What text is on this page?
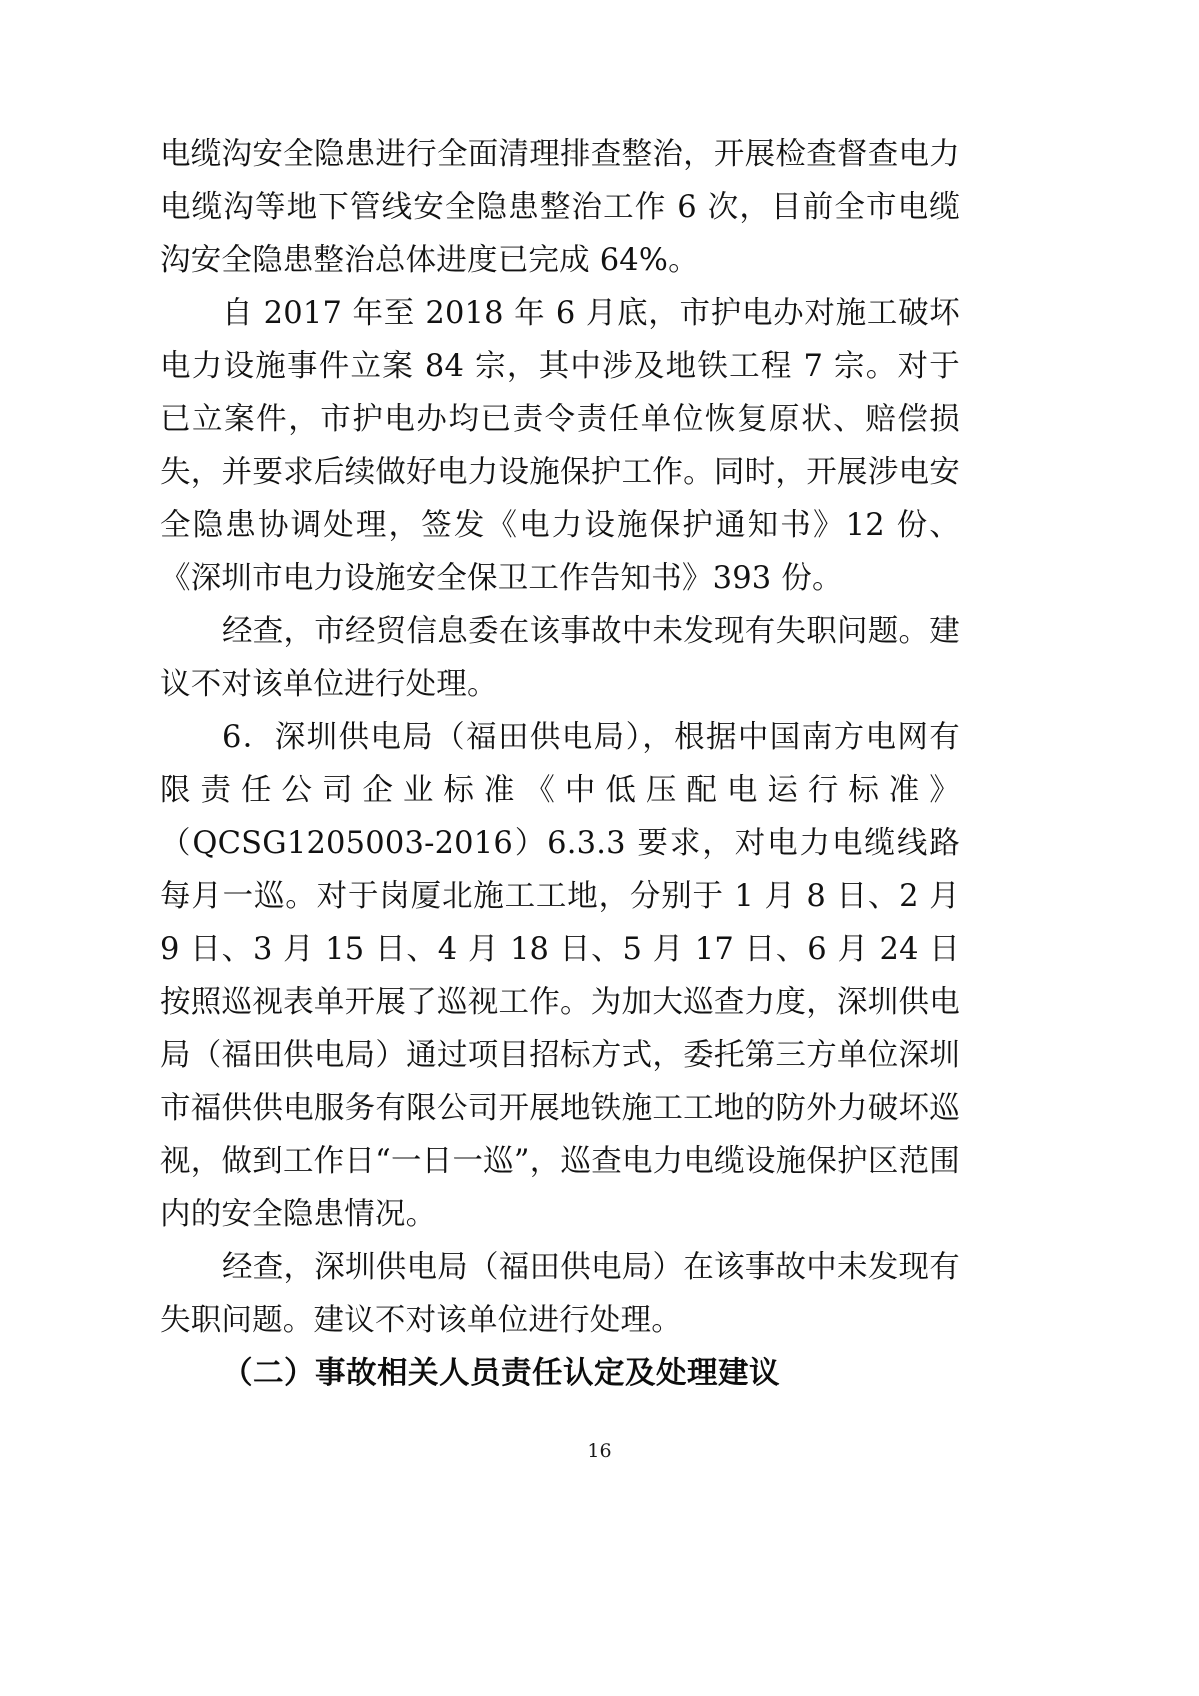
电缆沟安全隐患进行全面清理排查整治，开展检查督查电力电缆沟等地下管线安全隐患整治工作 6 次，目前全市电缆沟安全隐患整治总体进度已完成 64%。

自 2017 年至 2018 年 6 月底，市护电办对施工破坏电力设施事件立案 84 宗，其中涉及地铁工程 7 宗。对于已立案件，市护电办均已责令责任单位恢复原状、赔偿损失，并要求后续做好电力设施保护工作。同时，开展涉电安全隐患协调处理，签发《电力设施保护通知书》12 份、《深圳市电力设施安全保卫工作告知书》393 份。

经查，市经贸信息委在该事故中未发现有失职问题。建议不对该单位进行处理。

6．深圳供电局（福田供电局），根据中国南方电网有限责任公司企业标准《中低压配电运行标准》（QCSG1205003-2016）6.3.3 要求，对电力电缆线路每月一巡。对于岗厦北施工工地，分别于 1 月 8 日、2 月 9 日、3 月 15 日、4 月 18 日、5 月 17 日、6 月 24 日按照巡视表单开展了巡视工作。为加大巡查力度，深圳供电局（福田供电局）通过项目招标方式，委托第三方单位深圳市福供供电服务有限公司开展地铁施工工地的防外力破坏巡视，做到工作日“一日一巡”，巡查电力电缆设施保护区范围内的安全隐患情况。

经查，深圳供电局（福田供电局）在该事故中未发现有失职问题。建议不对该单位进行处理。

（二）事故相关人员责任认定及处理建议

16
